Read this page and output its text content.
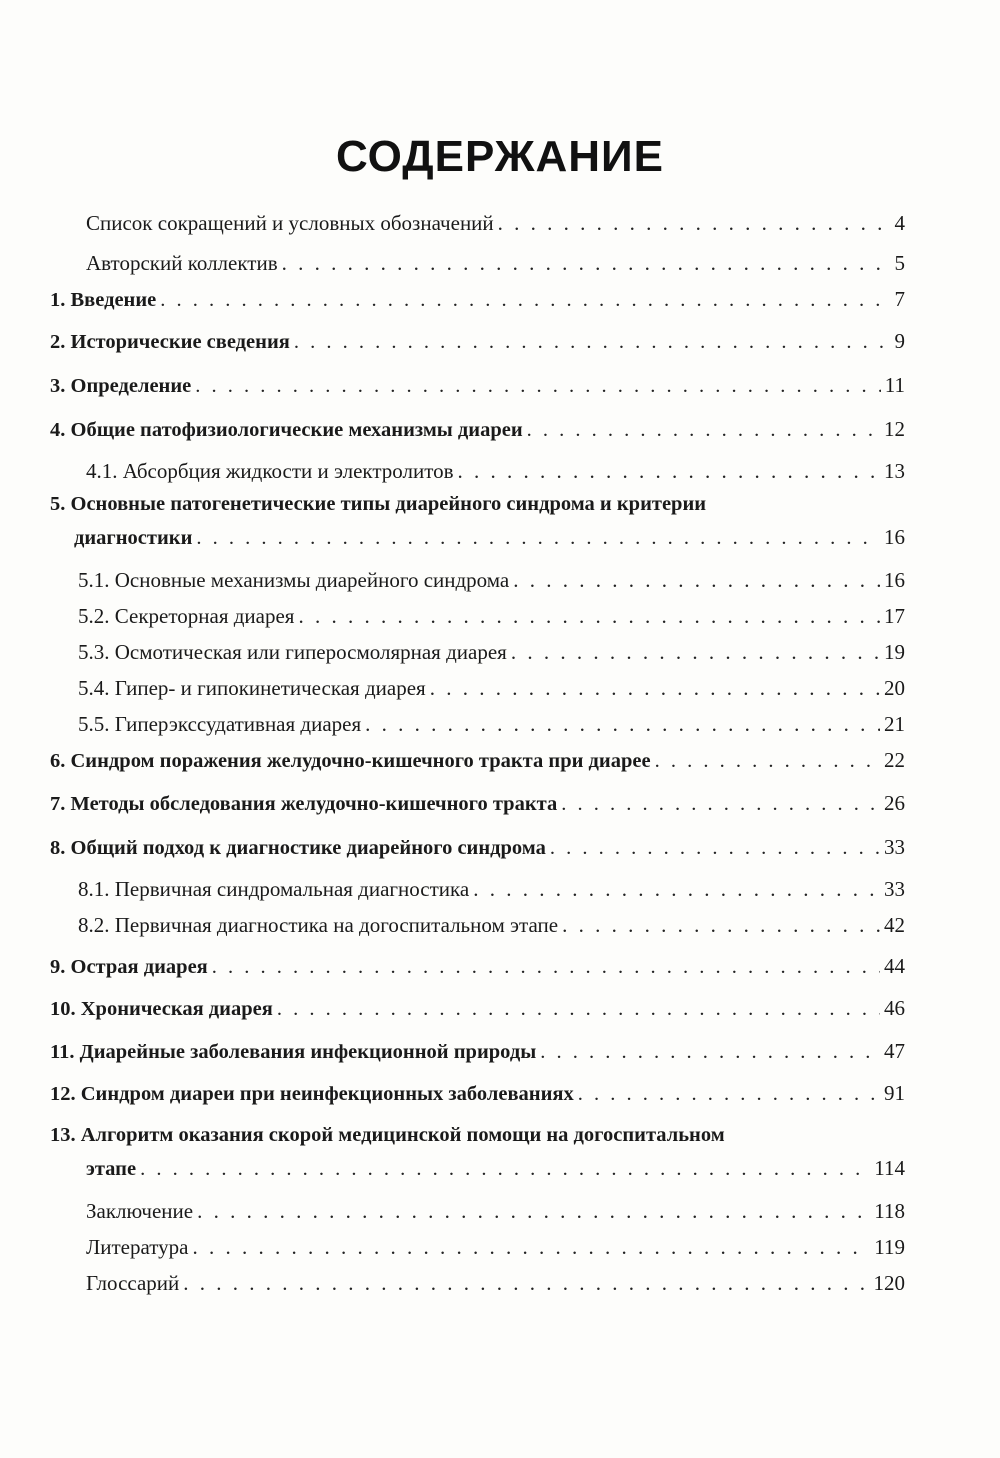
СОДЕРЖАНИЕ
Список сокращений и условных обозначений . . .	4
Авторский коллектив . . .	5
1. Введение . . .	7
2. Исторические сведения . . .	9
3. Определение . . .	11
4. Общие патофизиологические механизмы диареи . . .	12
4.1. Абсорбция жидкости и электролитов . . .	13
5. Основные патогенетические типы диарейного синдрома и критерии
диагностики . . .	16
5.1. Основные механизмы диарейного синдрома . . .	16
5.2. Секреторная диарея . . .	17
5.3. Осмотическая или гиперосмолярная диарея . . .	19
5.4. Гипер- и гипокинетическая диарея . . .	20
5.5. Гиперэкссудативная диарея . . .	21
6. Синдром поражения желудочно-кишечного тракта при диарее . . .	22
7. Методы обследования желудочно-кишечного тракта . . .	26
8. Общий подход к диагностике диарейного синдрома . . .	33
8.1. Первичная синдромальная диагностика . . .	33
8.2. Первичная диагностика на догоспитальном этапе . . .	42
9. Острая диарея . . .	44
10. Хроническая диарея . . .	46
11. Диарейные заболевания инфекционной природы . . .	47
12. Синдром диареи при неинфекционных заболеваниях . . .	91
13. Алгоритм оказания скорой медицинской помощи на догоспитальном
этапе . . .	114
Заключение . . .	118
Литература . . .	119
Глоссарий . . .	120
